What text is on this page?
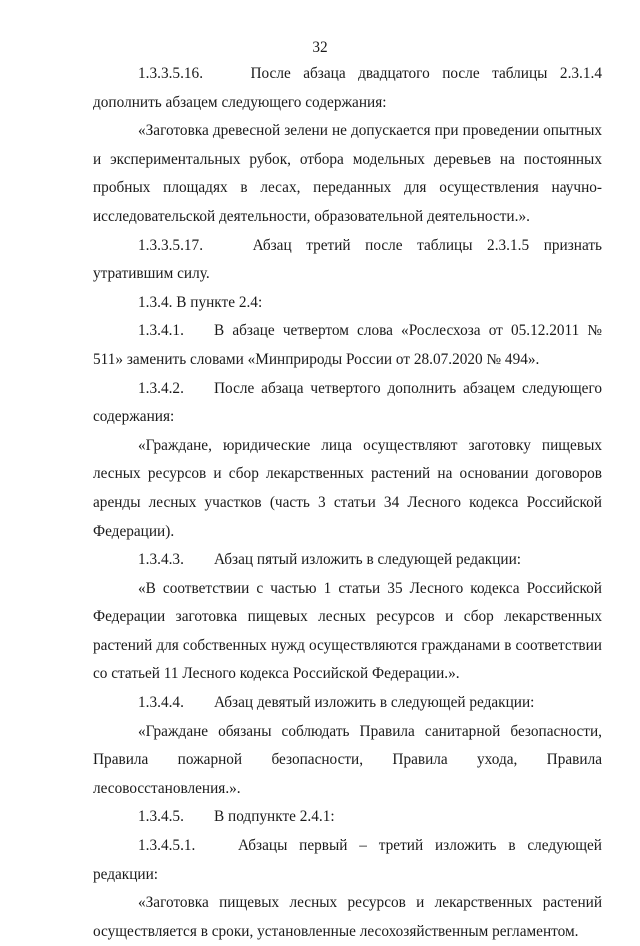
32

1.3.3.5.16. После абзаца двадцатого после таблицы 2.3.1.4 дополнить абзацем следующего содержания:

«Заготовка древесной зелени не допускается при проведении опытных и экспериментальных рубок, отбора модельных деревьев на постоянных пробных площадях в лесах, переданных для осуществления научно-исследовательской деятельности, образовательной деятельности.».

1.3.3.5.17. Абзац третий после таблицы 2.3.1.5 признать утратившим силу.

1.3.4. В пункте 2.4:

1.3.4.1. В абзаце четвертом слова «Рослесхоза от 05.12.2011 № 511» заменить словами «Минприроды России от 28.07.2020 № 494».

1.3.4.2. После абзаца четвертого дополнить абзацем следующего содержания:

«Граждане, юридические лица осуществляют заготовку пищевых лесных ресурсов и сбор лекарственных растений на основании договоров аренды лесных участков (часть 3 статьи 34 Лесного кодекса Российской Федерации).

1.3.4.3. Абзац пятый изложить в следующей редакции:

«В соответствии с частью 1 статьи 35 Лесного кодекса Российской Федерации заготовка пищевых лесных ресурсов и сбор лекарственных растений для собственных нужд осуществляются гражданами в соответствии со статьей 11 Лесного кодекса Российской Федерации.».

1.3.4.4. Абзац девятый изложить в следующей редакции:

«Граждане обязаны соблюдать Правила санитарной безопасности, Правила пожарной безопасности, Правила ухода, Правила лесовосстановления.».

1.3.4.5. В подпункте 2.4.1:

1.3.4.5.1.	Абзацы первый – третий изложить в следующей редакции:

«Заготовка пищевых лесных ресурсов и лекарственных растений осуществляется в сроки, установленные лесохозяйственным регламентом.
